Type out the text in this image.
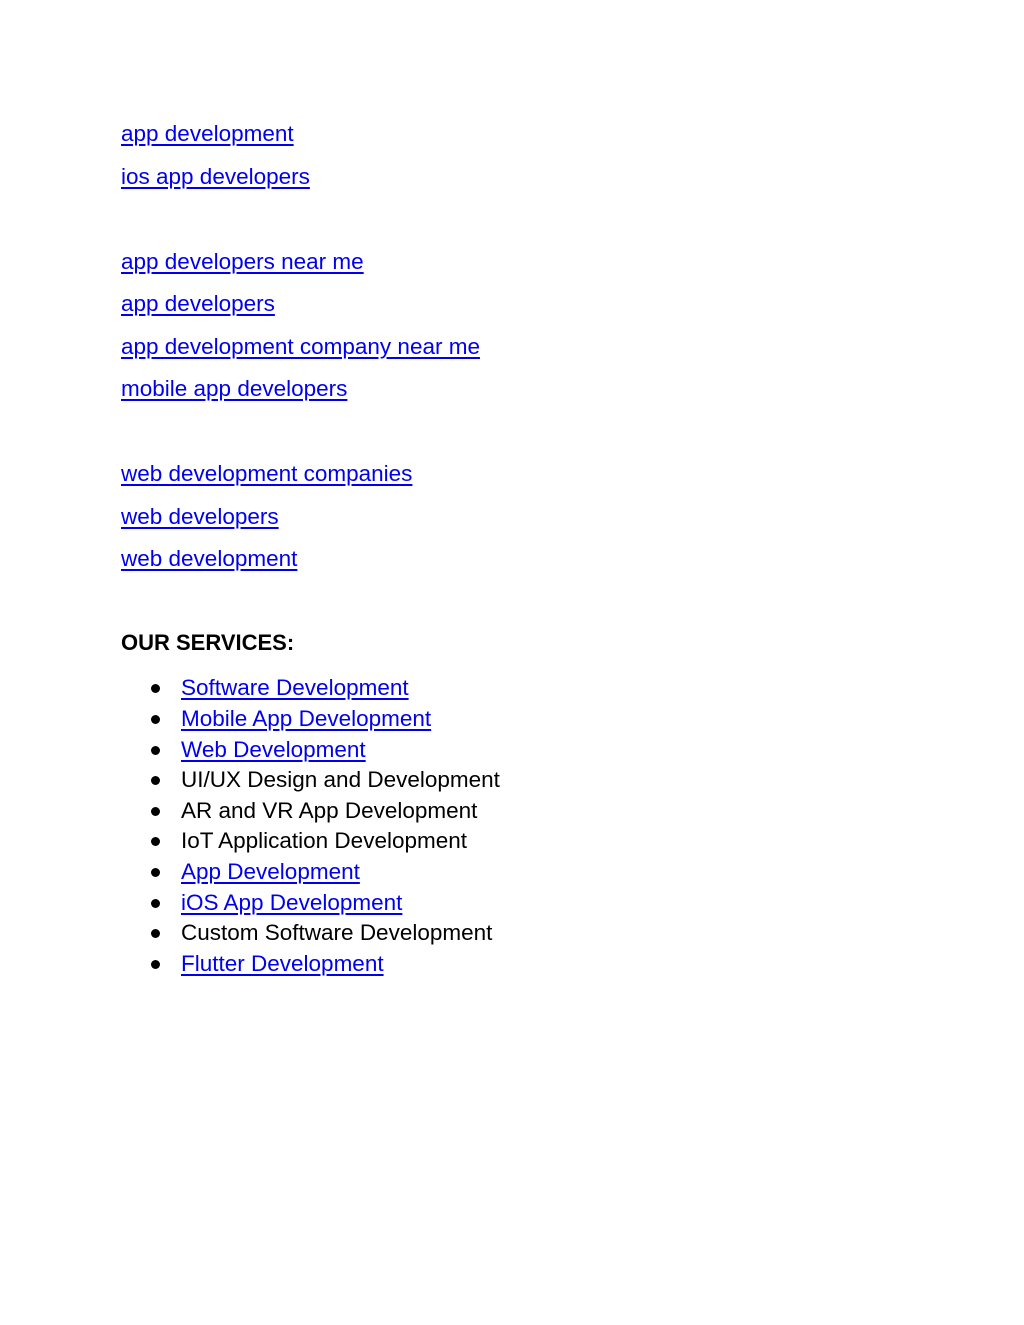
app development
ios app developers
app developers near me
app developers
app development company near me
mobile app developers
web development companies
web developers
web development
OUR SERVICES:
Software Development
Mobile App Development
Web Development
UI/UX Design and Development
AR and VR App Development
IoT Application Development
App Development
iOS App Development
Custom Software Development
Flutter Development
